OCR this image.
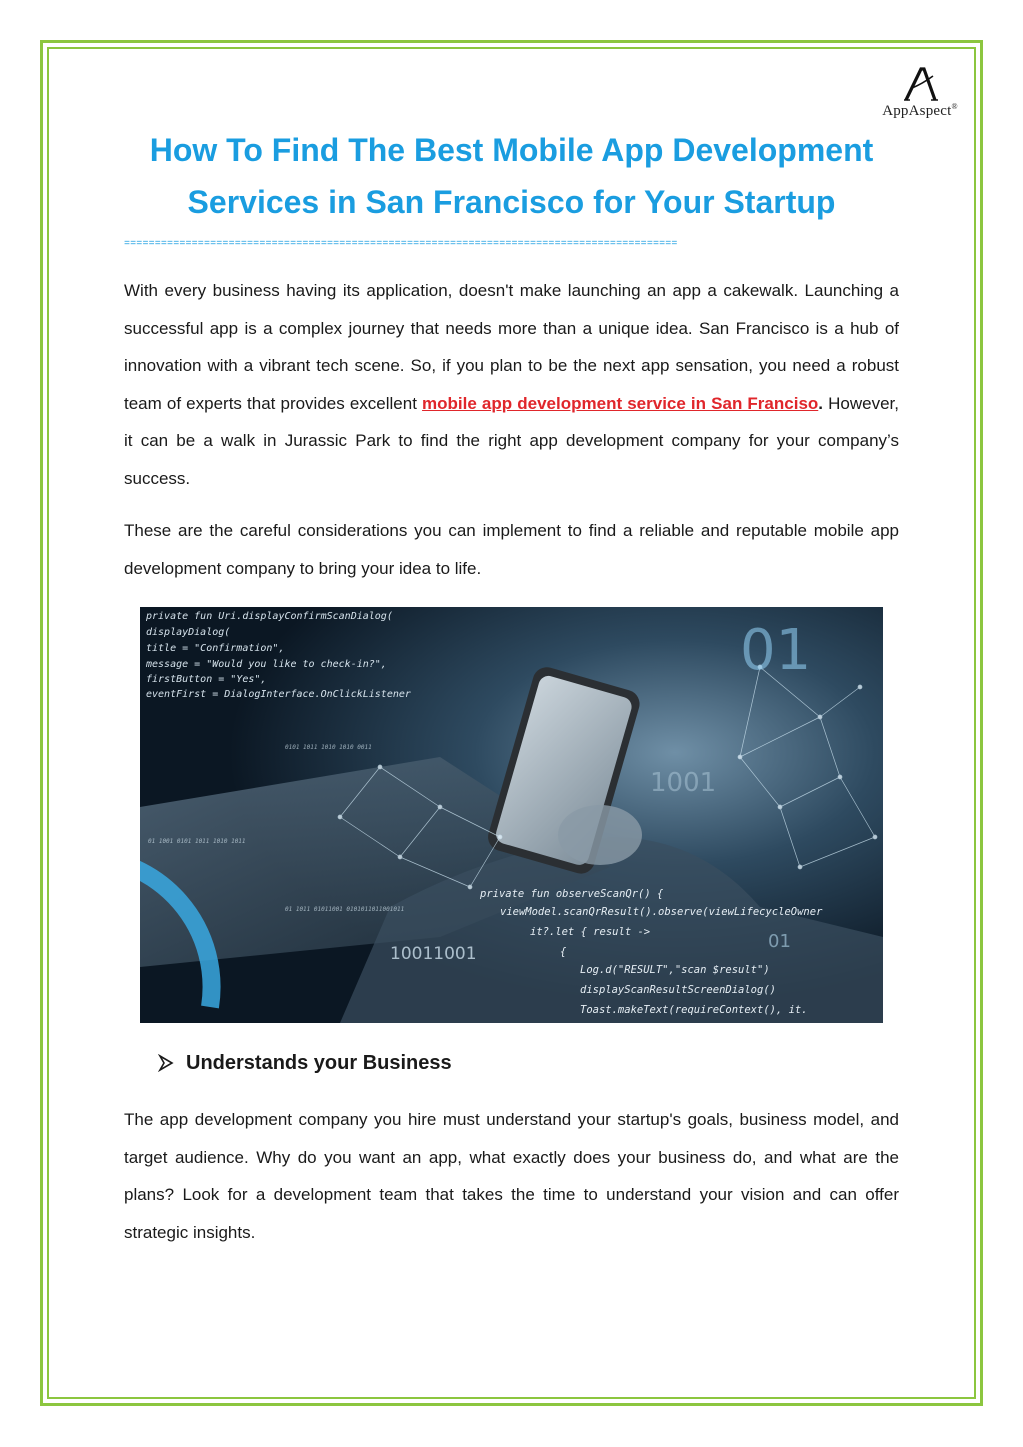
AppAspect®
How To Find The Best Mobile App Development
Services in San Francisco for Your Startup
==========================================================================================

With every business having its application, doesn't make launching an app a cakewalk. Launching a successful app is a complex journey that needs more than a unique idea. San Francisco is a hub of innovation with a vibrant tech scene. So, if you plan to be the next app sensation, you need a robust team of experts that provides excellent mobile app development service in San Franciso. However, it can be a walk in Jurassic Park to find the right app development company for your company’s success.

These are the careful considerations you can implement to find a reliable and reputable mobile app development company to bring your idea to life.

private fun Uri.displayConfirmScanDialog(
displayDialog(
title = "Confirmation",
message = "Would you like to check-in?",
firstButton = "Yes",
eventFirst = DialogInterface.OnClickListener
private fun observeScanQr() {
viewModel.scanQrResult().observe(viewLifecycleOwner
it?.let { result ->
{
Log.d("RESULT","scan $result")
displayScanResultScreenDialog()
Toast.makeText(requireContext(), it.
01
1001
10011001
01
0101 1011 1010 1010 0011
01 1011 01011001 0101011011001011
01 1001 0101 1011 1010 1011
Understands your Business

The app development company you hire must understand your startup's goals, business model, and target audience. Why do you want an app, what exactly does your business do, and what are the plans? Look for a development team that takes the time to understand your vision and can offer strategic insights.
